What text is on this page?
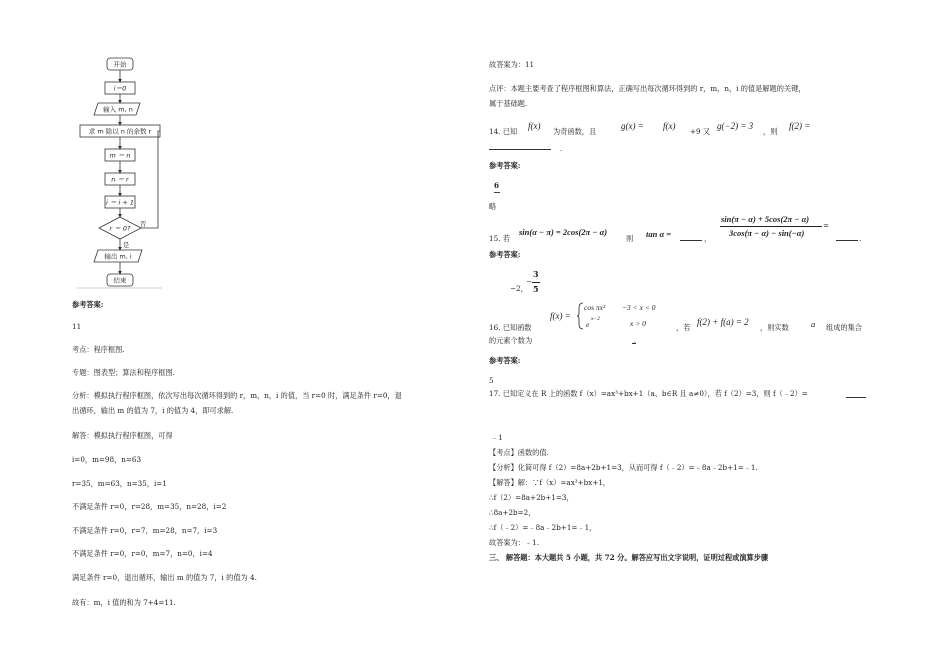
开始
i＝0
输入 m, n
求 m 除以 n 的余数 r
m ＝ n
n ＝ r
i ＝ i + 1
r ＝ 0?
否
是
输出 m, i
结束
参考答案:
11
考点：程序框图.
专题：图表型；算法和程序框图.
分析：模拟执行程序框图，依次写出每次循环得到的 r，m，n，i 的值，当 r=0 时，满足条件 r=0，退
出循环，输出 m 的值为 7，i 的值为 4，即可求解.
解答：模拟执行程序框图，可得
i=0，m=98，n=63
r=35，m=63，n=35，i=1
不满足条件 r=0，r=28，m=35，n=28，i=2
不满足条件 r=0，r=7，m=28，n=7，i=3
不满足条件 r=0，r=0，m=7，n=0，i=4
满足条件 r=0，退出循环，输出 m 的值为 7，i 的值为 4.
故有：m，i 值的和为 7+4=11.
故答案为：11
点评：本题主要考查了程序框图和算法，正确写出每次循环得到的 r，m，n，i 的值是解题的关键，
属于基础题.
14. 已知
f(x)
为奇函数，且
g(x) = f(x)
+9 又
g(−2) = 3
，则
f(2) =
.
参考答案:
6
略
15. 若
sin(α − π) = 2cos(2π − α)
则 tan α =	，
sin(π − α) + 5cos(2π − α)
3cos(π − α) − sin(−α)
=
.
参考答案:
−2，
−
3
5
f(x) =
cos πx² −3 < x < 0
e
x−2	x > 0
16. 已知函数	，若
f(2) + f(a) = 2
，则实数	a 组成的集合
的元素个数为	。
参考答案:
5
17. 已知定义在 R 上的函数 f（x）=ax³+bx+1（a、b∈R 且 a≠0），若 f（2）=3，则 f（﹣2）=
﹣1
【考点】函数的值.
【分析】化简可得 f（2）=8a+2b+1=3，从而可得 f（﹣2）=﹣8a﹣2b+1=﹣1.
【解答】解：∵f（x）=ax³+bx+1，
∴f（2）=8a+2b+1=3，
∴8a+2b=2，
∴f（﹣2）=﹣8a﹣2b+1=﹣1，
故答案为：﹣1.
三、 解答题：本大题共 5 小题，共 72 分。解答应写出文字说明，证明过程或演算步骤
